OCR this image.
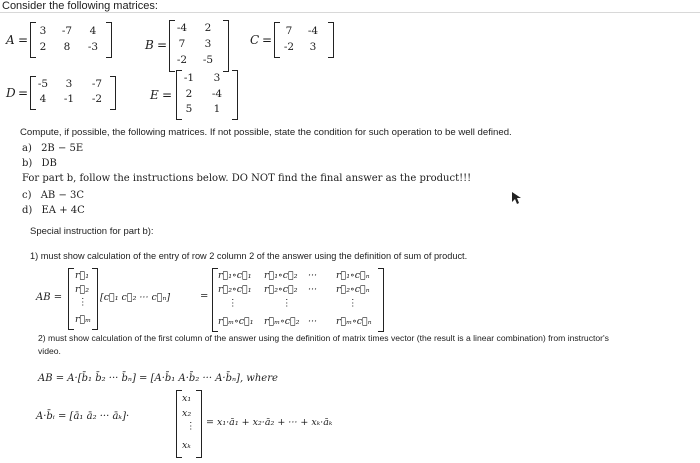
Consider the following matrices:
A =
3	-7	4
2	8	-3	B =
-4	2
7	3
-2	-5
C =
7	-4
-2	3
D =
-5	3	-7
4	-1	-2	E =
-1	3
2	-4
5	1
Compute, if possible, the following matrices. If not possible, state the condition for such operation to be well defined.
a) 2B − 5E
b) DB
For part b, follow the instructions below. DO NOT find the final answer as the product!!!
c) AB − 3C
d) EA + 4C
Special instruction for part b):
1) must show calculation of the entry of row 2 column 2 of the answer using the definition of sum of product.
AB =
r⃗₁
r⃗₂
⋮
r⃗ₘ
[c⃗₁ c⃗₂ ··· c⃗ₙ]	=
r⃗₁∘c⃗₁ r⃗₁∘c⃗₂ ··· r⃗₁∘c⃗ₙ
r⃗₂∘c⃗₁ r⃗₂∘c⃗₂ ··· r⃗₂∘c⃗ₙ
⋮	⋮	⋮
r⃗ₘ∘c⃗₁ r⃗ₘ∘c⃗₂ ··· r⃗ₘ∘c⃗ₙ
2) must show calculation of the first column of the answer using the definition of matrix times vector (the result is a linear combination) from instructor's
video.
AB = A·[b̄₁ b̄₂ ··· b̄ₙ] = [A·b̄₁ A·b̄₂ ··· A·b̄ₙ], where
A·b̄ᵢ = [ā₁ ā₂ ··· āₖ]·
x₁
x₂
⋮
xₖ
= x₁·ā₁ + x₂·ā₂ + ··· + xₖ·āₖ
